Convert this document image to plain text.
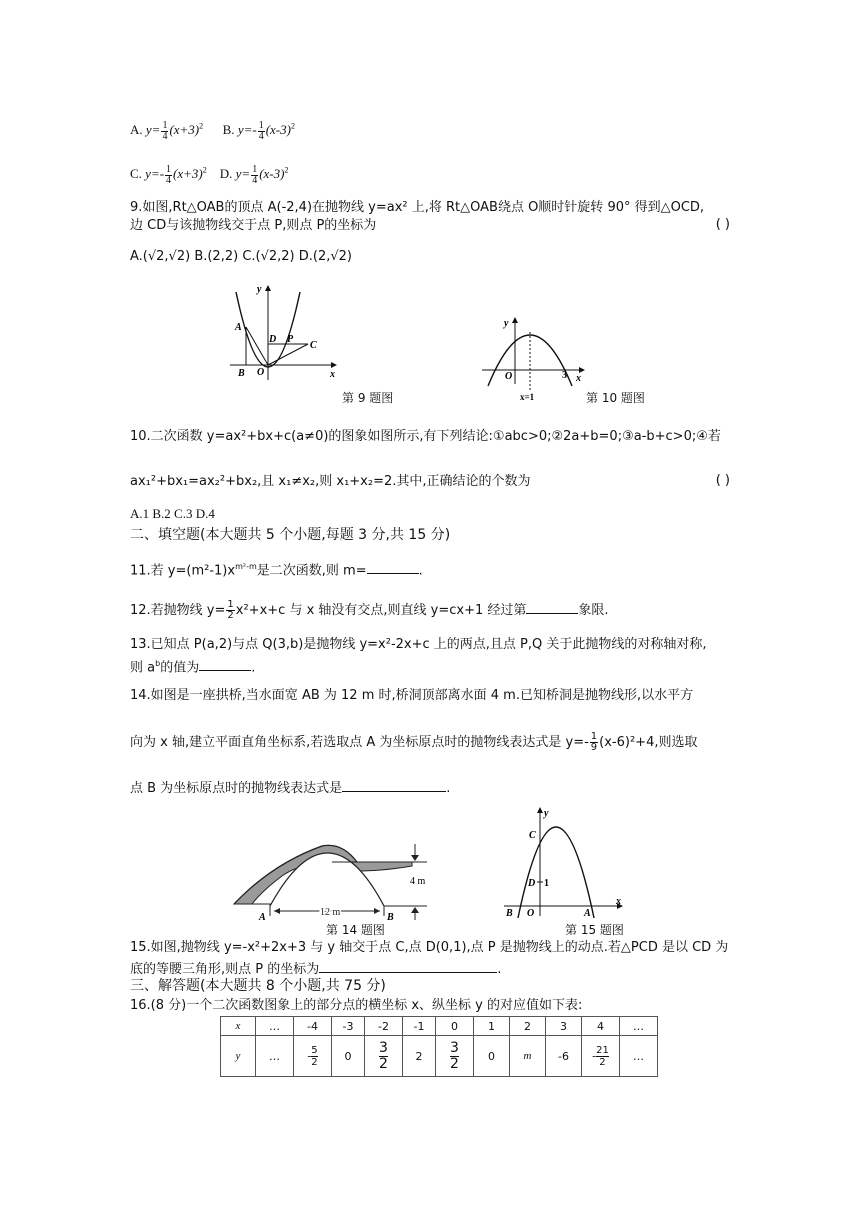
A. $y= \frac{1}{4} (x+3)^2$ B. $y=- \frac{1}{4} (x-3)^2$
C. $y=- \frac{1}{4} (x+3)^2$ D. $y= \frac{1}{4} (x-3)^2$
9.如图,Rt△OAB的顶点 A(-2,4)在抛物线 y=ax² 上,将 Rt△OAB绕点 O顺时针旋转 90° 得到△OCD,
边 CD与该抛物线交于点 P,则点 P的坐标为	( )
A.(√2,√2) B.(2,2) C.(√2,2) D.(2,√2)
y
A
D P
C
B O	x
第 9 题图
y
O	3 x
x=1	第 10 题图
10.二次函数 y=ax²+bx+c(a≠0)的图象如图所示,有下列结论:①abc>0;②2a+b=0;③a-b+c>0;④若
ax₁²+bx₁=ax₂²+bx₂,且 x₁≠x₂,则 x₁+x₂=2.其中,正确结论的个数为	( )
A.1 B.2 C.3 D.4
二、填空题(本大题共 5 个小题,每题 3 分,共 15 分)
11.若 $y=(m^2-1)x^{m^2-m}$是二次函数,则 m=	.
12.若抛物线 $y= \frac{1}{2} x^2+x+c$ 与 x 轴没有交点,则直线 y=cx+1 经过第	象限.
13.已知点 P(a,2)与点 Q(3,b)是抛物线 y=x²-2x+c 上的两点,且点 P,Q 关于此抛物线的对称轴对称,
则 $a^b$的值为	.
14.如图是一座拱桥,当水面宽 AB 为 12 m 时,桥洞顶部离水面 4 m.已知桥洞是抛物线形,以水平方
向为 x 轴,建立平面直角坐标系,若选取点 A 为坐标原点时的抛物线表达式是 $y=- \frac{1}{9} (x-6)^2+4$,则选取
点 B 为坐标原点时的抛物线表达式是	.
4 m
A	12 m	B
第 14 题图
y
C
D 1
B O	A
x
第 15 题图
15.如图,抛物线 y=-x²+2x+3 与 y 轴交于点 C,点 D(0,1),点 P 是抛物线上的动点.若△PCD 是以 CD 为
底的等腰三角形,则点 P 的坐标为	.
三、解答题(本大题共 8 个小题,共 75 分)
16.(8 分)一个二次函数图象上的部分点的横坐标 x、纵坐标 y 的对应值如下表:
x	…	-4	-3	-2	-1	0	1	2	3	4	…
y	…	- $\frac{5}{2}$	0	$\frac{3}{2}$	2	$\frac{3}{2}$	0	m	-6	- $\frac{21}{2}$	…
